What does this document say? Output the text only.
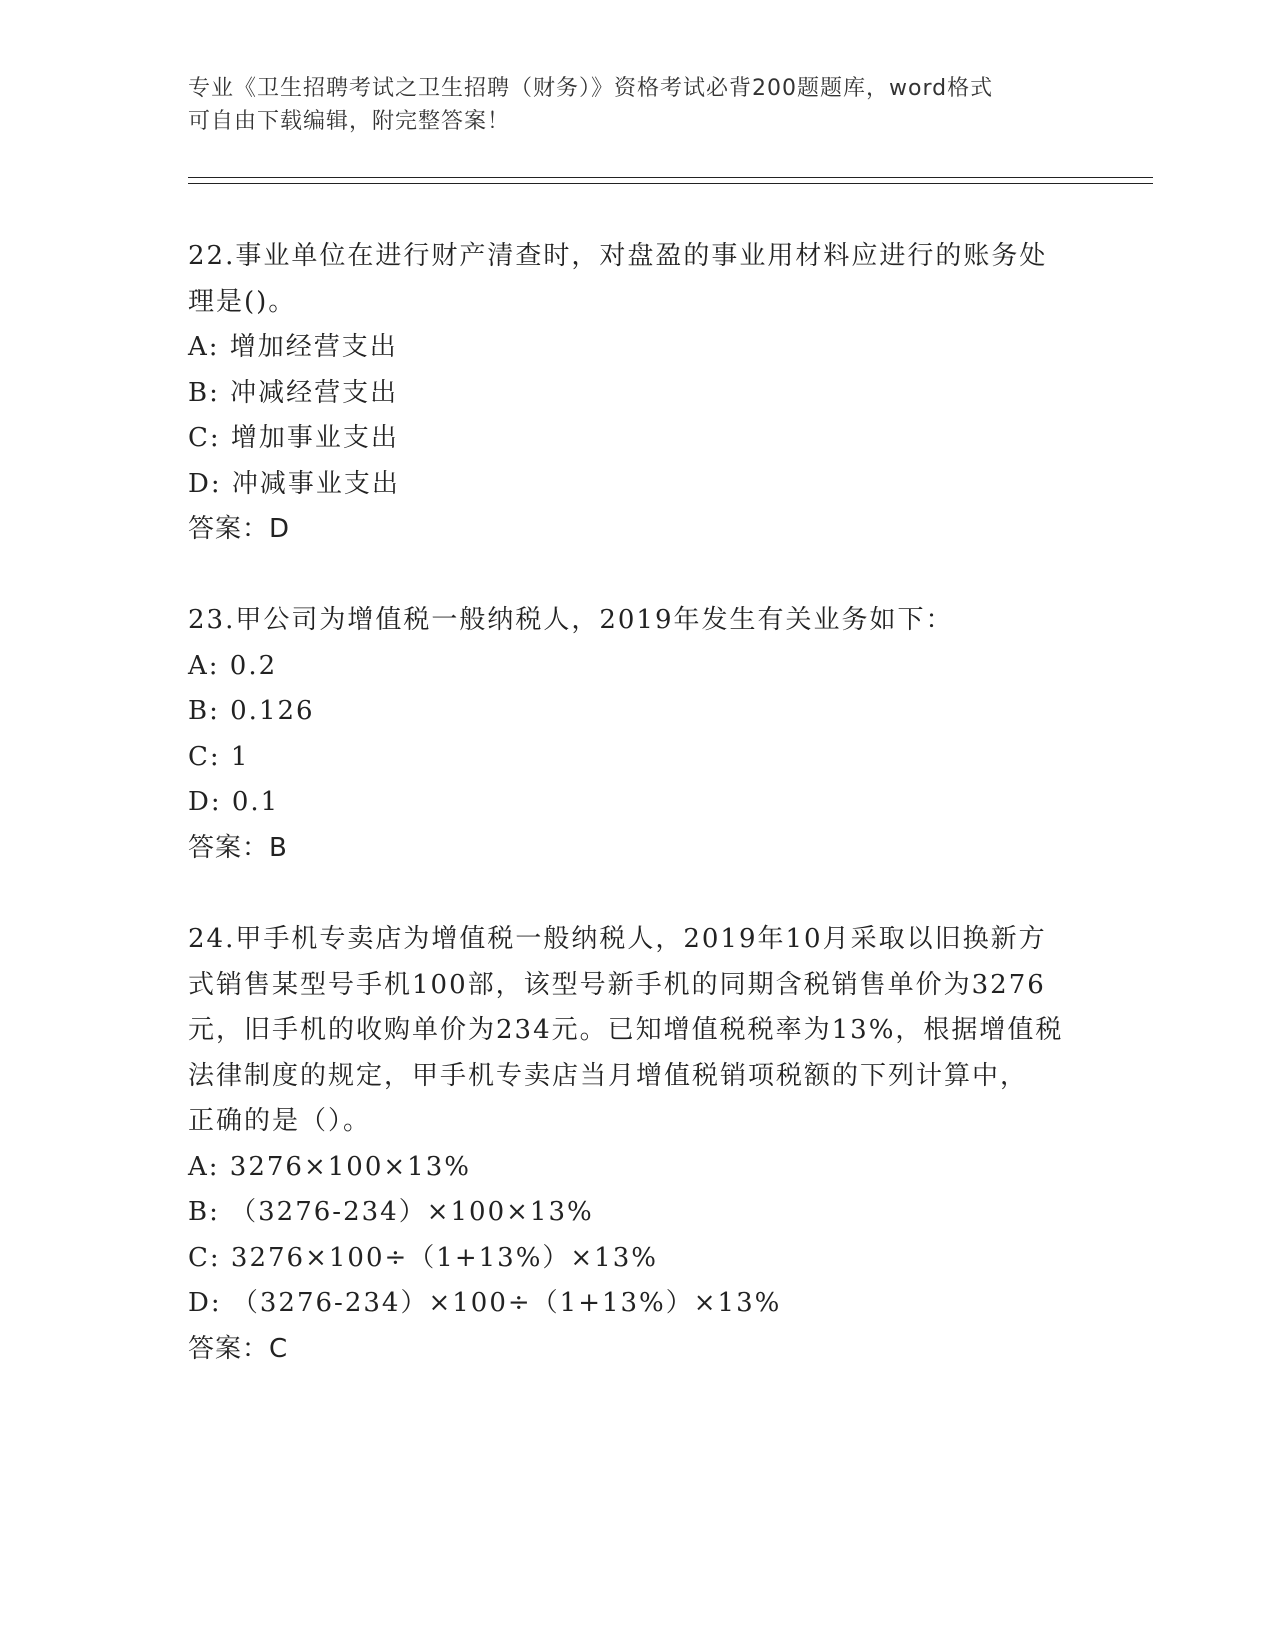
专业《卫生招聘考试之卫生招聘（财务）》资格考试必背200题题库，word格式
可自由下载编辑，附完整答案！
22.事业单位在进行财产清查时，对盘盈的事业用材料应进行的账务处
理是()。
A: 增加经营支出
B: 冲减经营支出
C: 增加事业支出
D: 冲减事业支出
答案：D
23.甲公司为增值税一般纳税人，2019年发生有关业务如下：
A: 0.2
B: 0.126
C: 1
D: 0.1
答案：B
24.甲手机专卖店为增值税一般纳税人，2019年10月采取以旧换新方
式销售某型号手机100部，该型号新手机的同期含税销售单价为3276
元，旧手机的收购单价为234元。已知增值税税率为13%，根据增值税
法律制度的规定，甲手机专卖店当月增值税销项税额的下列计算中，
正确的是（）。
A: 3276×100×13%
B: （3276-234）×100×13%
C: 3276×100÷（1+13%）×13%
D: （3276-234）×100÷（1+13%）×13%
答案：C
